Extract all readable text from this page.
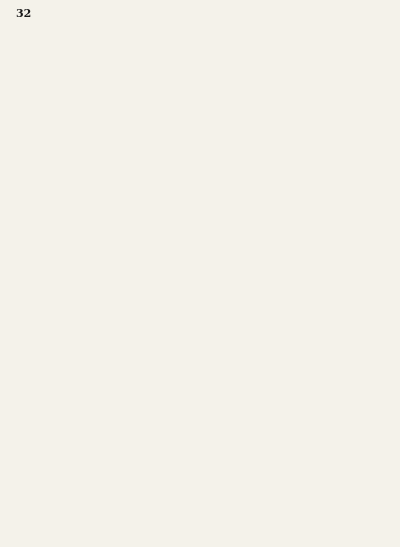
32
